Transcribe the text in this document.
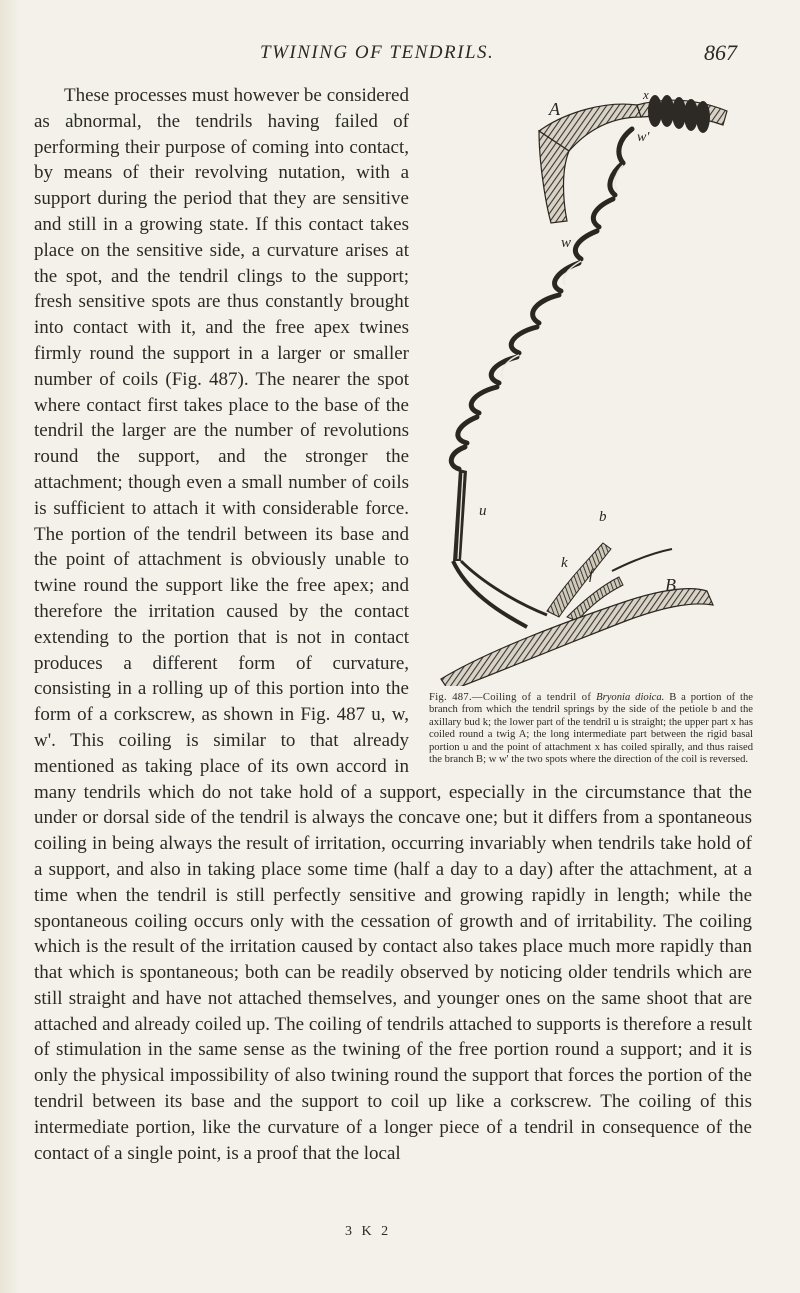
TWINING OF TENDRILS.	867
A
x
w'
w
u	b
k
f	B
Fig. 487.—Coiling of a tendril of Bryonia dioica. B a portion of the branch from which the tendril springs by the side of the petiole b and the axillary bud k; the lower part of the tendril u is straight; the upper part x has coiled round a twig A; the long intermediate part between the rigid basal portion u and the point of attachment x has coiled spirally, and thus raised the branch B; w w' the two spots where the direction of the coil is reversed.

These processes must however be considered as abnormal, the tendrils having failed of performing their purpose of coming into contact, by means of their revolving nutation, with a support during the period that they are sensitive and still in a growing state. If this contact takes place on the sensitive side, a curvature arises at the spot, and the tendril clings to the support; fresh sensitive spots are thus constantly brought into contact with it, and the free apex twines firmly round the support in a larger or smaller number of coils (Fig. 487). The nearer the spot where contact first takes place to the base of the tendril the larger are the number of revolutions round the support, and the stronger the attachment; though even a small number of coils is sufficient to attach it with considerable force. The portion of the tendril between its base and the point of attachment is obviously unable to twine round the support like the free apex; and therefore the irritation caused by the contact extending to the portion that is not in contact produces a different form of curvature, consisting in a rolling up of this portion into the form of a corkscrew, as shown in Fig. 487 u, w, w'. This coiling is similar to that already mentioned as taking place of its own accord in many tendrils which do not take hold of a support, especially in the circumstance that the under or dorsal side of the tendril is always the concave one; but it differs from a spontaneous coiling in being always the result of irritation, occurring invariably when tendrils take hold of a support, and also in taking place some time (half a day to a day) after the attachment, at a time when the tendril is still perfectly sensitive and growing rapidly in length; while the spontaneous coiling occurs only with the cessation of growth and of irritability. The coiling which is the result of the irritation caused by contact also takes place much more rapidly than that which is spontaneous; both can be readily observed by noticing older tendrils which are still straight and have not attached themselves, and younger ones on the same shoot that are attached and already coiled up. The coiling of tendrils attached to supports is therefore a result of stimulation in the same sense as the twining of the free portion round a support; and it is only the physical impossibility of also twining round the support that forces the portion of the tendril between its base and the support to coil up like a corkscrew. The coiling of this intermediate portion, like the curvature of a longer piece of a tendril in consequence of the contact of a single point, is a proof that the local

3 K 2
